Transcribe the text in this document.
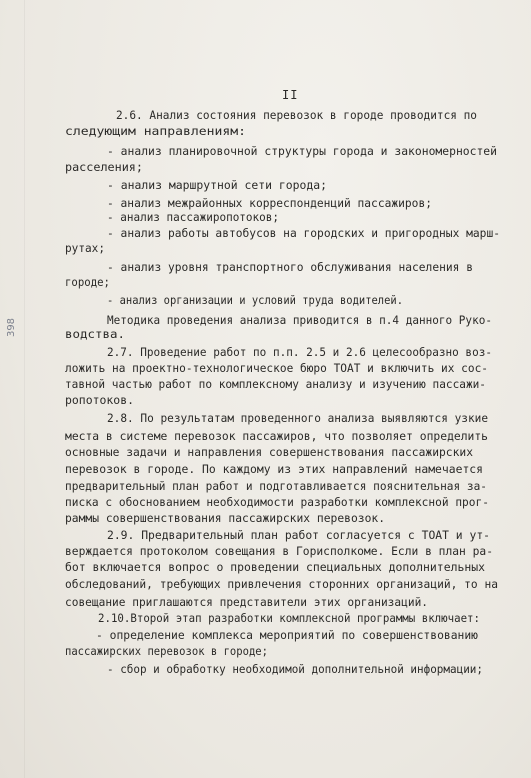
II
398
2.6. Анализ состояния перевозок в городе проводится по
следующим направлениям:
- анализ планировочной структуры города и закономерностей
расселения;
- анализ маршрутной сети города;
- анализ межрайонных корреспонденций пассажиров;
- анализ пассажиропотоков;
- анализ работы автобусов на городских и пригородных марш-
рутах;
- анализ уровня транспортного обслуживания населения в
городе;
- анализ организации и условий труда водителей.
Методика проведения анализа приводится в п.4 данного Руко-
водства.
2.7. Проведение работ по п.п. 2.5 и 2.6 целесообразно воз-
ложить на проектно-технологическое бюро ТОАТ и включить их сос-
тавной частью работ по комплексному анализу и изучению пассажи-
ропотоков.
2.8. По результатам проведенного анализа выявляются узкие
места в системе перевозок пассажиров, что позволяет определить
основные задачи и направления совершенствования пассажирских
перевозок в городе. По каждому из этих направлений намечается
предварительный план работ и подготавливается пояснительная за-
писка с обоснованием необходимости разработки комплексной прог-
раммы совершенствования пассажирских перевозок.
2.9. Предварительный план работ согласуется с ТОАТ и ут-
верждается протоколом совещания в Горисполкоме. Если в план ра-
бот включается вопрос о проведении специальных дополнительных
обследований, требующих привлечения сторонних организаций, то на
совещание приглашаются представители этих организаций.
2.10.Второй этап разработки комплексной программы включает:
- определение комплекса мероприятий по совершенствованию
пассажирских перевозок в городе;
- сбор и обработку необходимой дополнительной информации;
